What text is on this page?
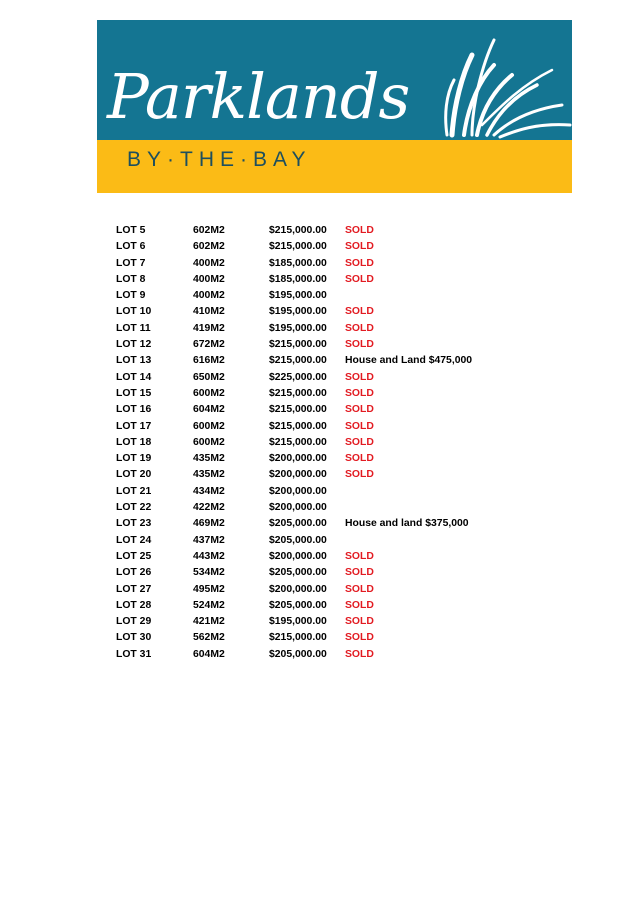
Parklands
BY·THE·BAY
LOT 5	602M2	$215,000.00 SOLD
LOT 6	602M2	$215,000.00 SOLD
LOT 7	400M2	$185,000.00 SOLD
LOT 8	400M2	$185,000.00 SOLD
LOT 9	400M2	$195,000.00
LOT 10	410M2	$195,000.00 SOLD
LOT 11	419M2	$195,000.00 SOLD
LOT 12	672M2	$215,000.00 SOLD
LOT 13	616M2	$215,000.00 House and Land $475,000
LOT 14	650M2	$225,000.00 SOLD
LOT 15	600M2	$215,000.00 SOLD
LOT 16	604M2	$215,000.00 SOLD
LOT 17	600M2	$215,000.00 SOLD
LOT 18	600M2	$215,000.00 SOLD
LOT 19	435M2	$200,000.00 SOLD
LOT 20	435M2	$200,000.00 SOLD
LOT 21	434M2	$200,000.00
LOT 22	422M2	$200,000.00
LOT 23	469M2	$205,000.00 House and land $375,000
LOT 24	437M2	$205,000.00
LOT 25	443M2	$200,000.00 SOLD
LOT 26	534M2	$205,000.00 SOLD
LOT 27	495M2	$200,000.00 SOLD
LOT 28	524M2	$205,000.00 SOLD
LOT 29	421M2	$195,000.00 SOLD
LOT 30	562M2	$215,000.00 SOLD
LOT 31	604M2	$205,000.00 SOLD
